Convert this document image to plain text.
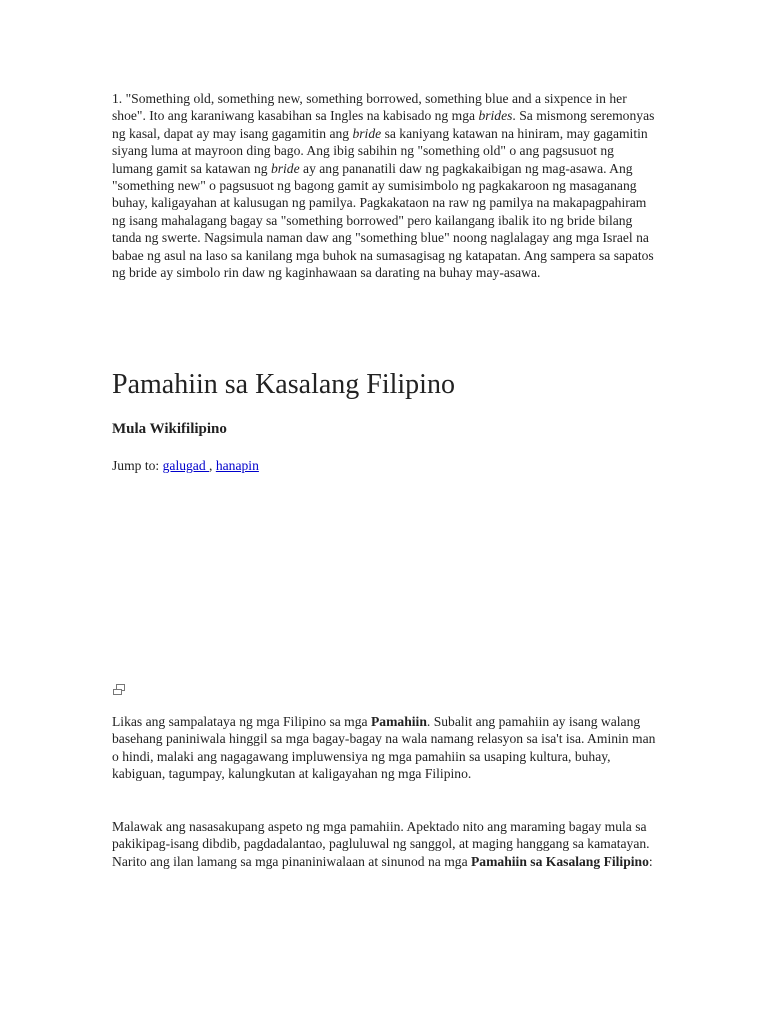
1. "Something old, something new, something borrowed, something blue and a sixpence in her shoe". Ito ang karaniwang kasabihan sa Ingles na kabisado ng mga brides. Sa mismong seremonyas ng kasal, dapat ay may isang gagamitin ang bride sa kaniyang katawan na hiniram, may gagamitin siyang luma at mayroon ding bago. Ang ibig sabihin ng "something old" o ang pagsusuot ng lumang gamit sa katawan ng bride ay ang pananatili daw ng pagkakaibigan ng mag-asawa. Ang "something new" o pagsusuot ng bagong gamit ay sumisimbolo ng pagkakaroon ng masaganang buhay, kaligayahan at kalusugan ng pamilya. Pagkakataon na raw ng pamilya na makapagpahiram ng isang mahalagang bagay sa "something borrowed" pero kailangang ibalik ito ng bride bilang tanda ng swerte. Nagsimula naman daw ang "something blue" noong naglalagay ang mga Israel na babae ng asul na laso sa kanilang mga buhok na sumasagisag ng katapatan. Ang sampera sa sapatos ng bride ay simbolo rin daw ng kaginhawaan sa darating na buhay may-asawa.

Pamahiin sa Kasalang Filipino
Mula Wikifilipino
Jump to: galugad , hanapin

Likas ang sampalataya ng mga Filipino sa mga Pamahiin. Subalit ang pamahiin ay isang walang basehang paniniwala hinggil sa mga bagay-bagay na wala namang relasyon sa isa't isa. Aminin man o hindi, malaki ang nagagawang impluwensiya ng mga pamahiin sa usaping kultura, buhay, kabiguan, tagumpay, kalungkutan at kaligayahan ng mga Filipino.

Malawak ang nasasakupang aspeto ng mga pamahiin. Apektado nito ang maraming bagay mula sa pakikipag-isang dibdib, pagdadalantao, pagluluwal ng sanggol, at maging hanggang sa kamatayan. Narito ang ilan lamang sa mga pinaniniwalaan at sinunod na mga Pamahiin sa Kasalang Filipino:
